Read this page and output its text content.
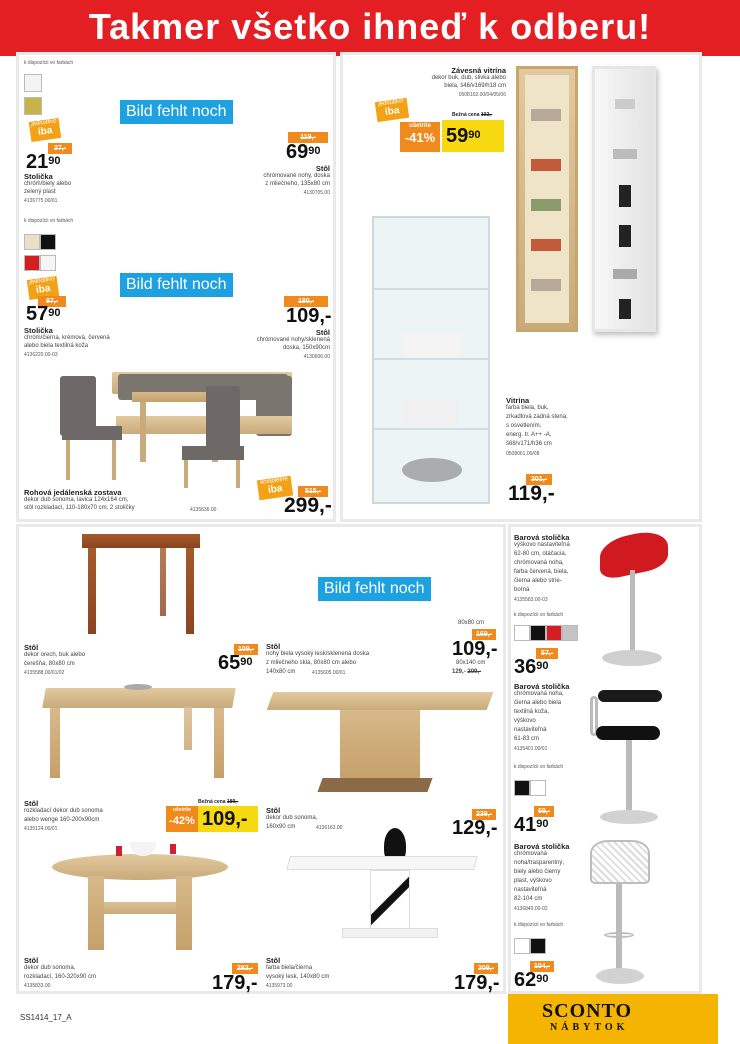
Takmer všetko ihneď k odberu!
k dispozícii vo farbách

jednotlivo
iba
37,-
$21^{90}$
Stolička
chróm/biely alebo
zelený plast
4136775.00/01
Bild fehlt noch
119,-
$69^{90}$
Stôl
chrómované nohy, doska
z mliečneho, 135x80 cm
4130705.00
k dispozícii vo farbách

jednotlivo
iba
97,-
$57^{90}$
Stolička
chróm/čierna, krémová, červená
alebo biela textilná koža
4136220.00-03
Bild fehlt noch
180,-
109,-
Stôl
chrómované nohy/sklenená
doska, 150x90cm
4130606.00
Rohová jedálenská zostava
dekor dub sonoma, lavica 124x164 cm,
stôl rozkladací, 110-180x70 cm, 2 stoličky	4135636.00
kompletne
iba	515,-
299,-
Závesná vitrína
dekor buk, dub, slivka alebo
biela, š46/v169/h18 cm
0508102.00/04/05/06
jednotlivo
iba	Bežná cena 102,-
ušetríte
-41% $59^{90}$
Vitrína
farba biela, buk,
zrkadlová zadná stena,
s osvetlením,
energ. tr. A++ -A,
š68/v171/h36 cm
0508061.00/08
201,-
119,-
Stôl
dekor orech, buk alebo
čerešňa, 80x80 cm
4135588.00/01/02
109,-
$65^{90}$
Bild fehlt noch
Stôl
nohy biela vysoký lesk/sklenená doska
z mliečneho skla, 80x80 cm alebo
140x80 cm	4135605.00/01
80x80 cm
169,-
109,-
80x140 cm
129,- 209,-
Stôl
rozkladací dekor dub sonoma
alebo wenge 160-200x90cm
4135124.00/01
Bežná cena 189,-
ušetríte
-42% 109,-	Stôl
dekor dub sonoma,
160x90 cm	4136163.00
239,-
129,-
Stôl
dekor dub sonoma,
rozkladací, 160-320x90 cm
4135833.00
282,-
179,-
Stôl
farba biela/čierna
vysoký lesk, 140x80 cm
4135973.00
309,-
179,-
Barová stolička
výškovo nastaviteľná
62-80 cm, otáčacia,
chrómovaná noha,
farba červená, biela,
čierna alebo strie-
borná
4135583.00-03
k dispozícii vo farbách
57,-
$36^{90}$
Barová stolička
chrómovaná noha,
čierna alebo biela
textilná koža,
výškovo
nastaviteľná
61-83 cm
4135401.00/01
k dispozícii vo farbách
69,-
$41^{90}$
Barová stolička
chrómovaná
noha/trasparentný,
biely alebo čierny
plast, výškovo
nastaviteľná
82-104 cm
4136840.00-02
k dispozícii vo farbách
104,-
$62^{90}$
SS1414_17_A	SCONTO
NÁBYTOK
